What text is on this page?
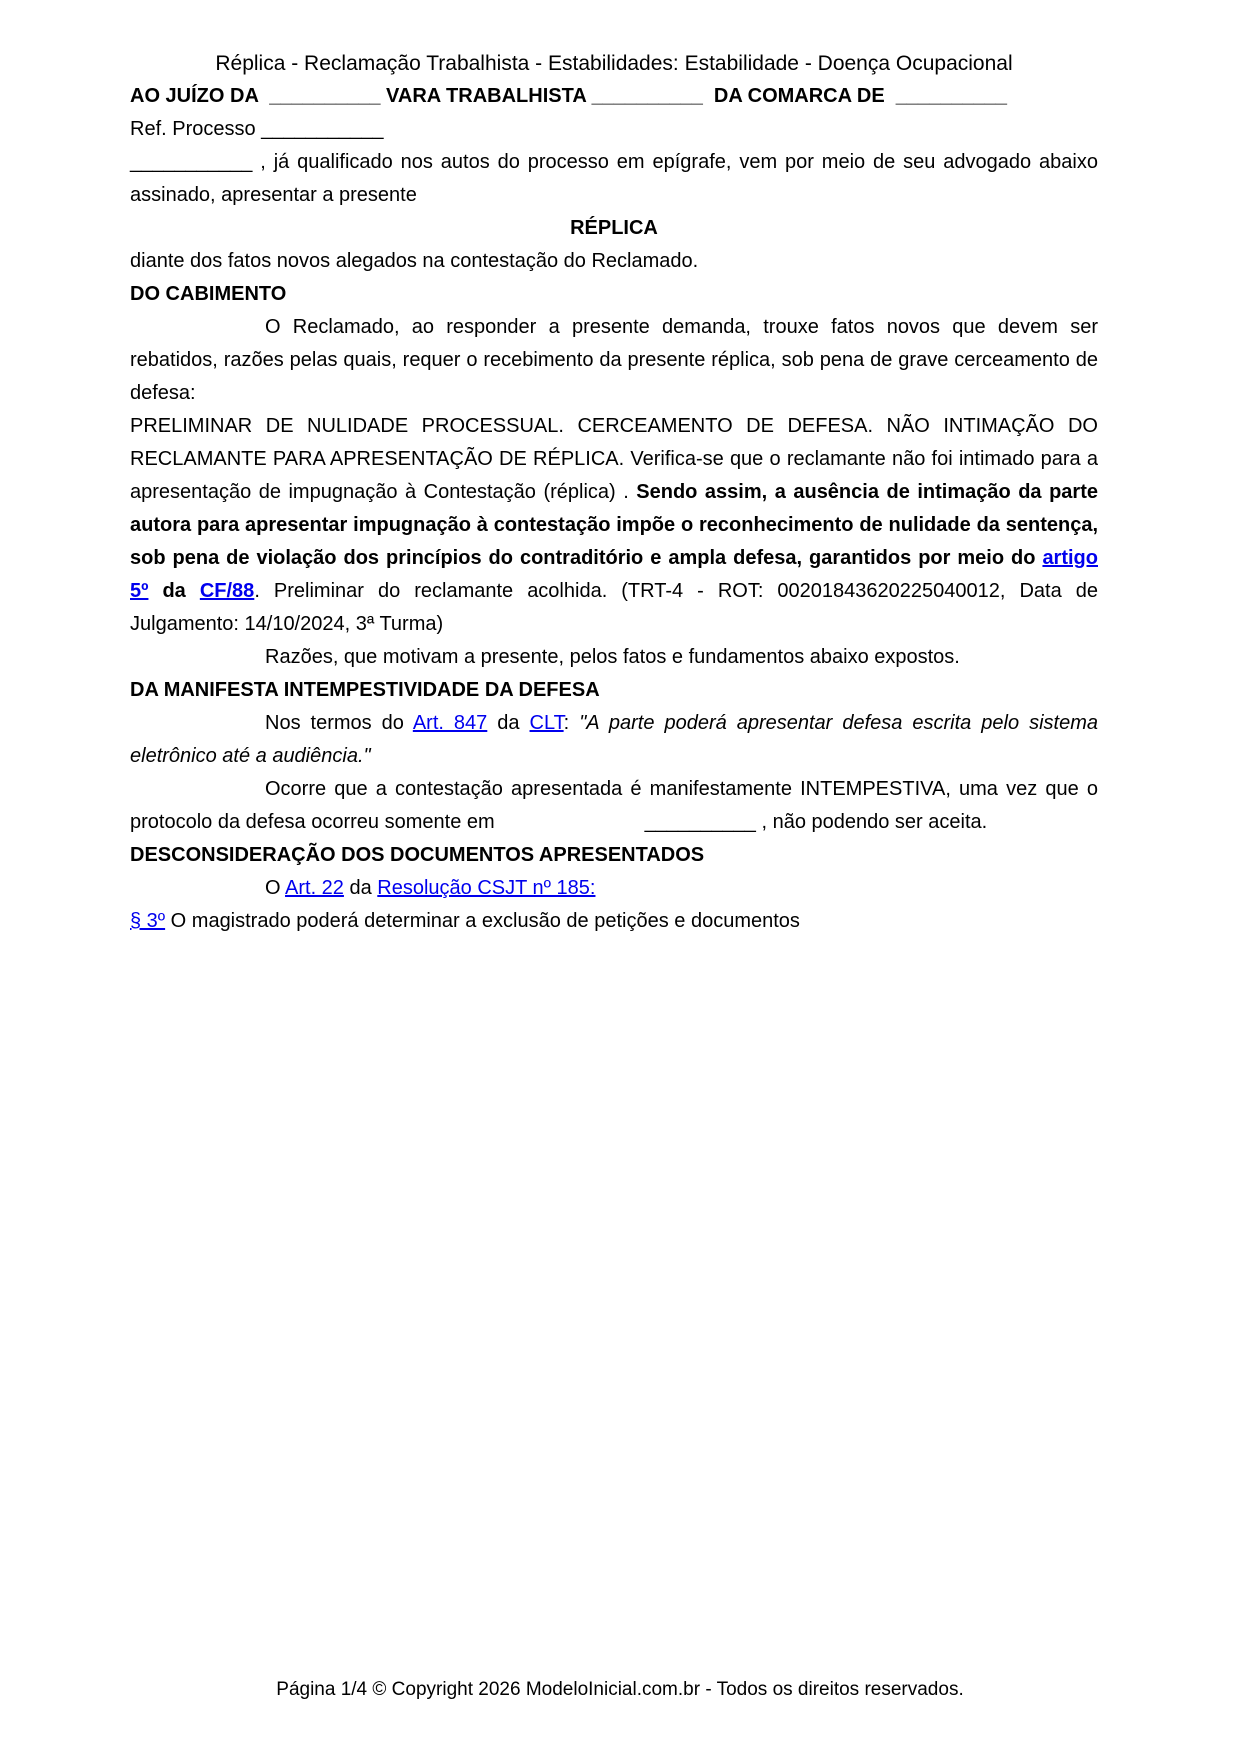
Réplica - Reclamação Trabalhista - Estabilidades: Estabilidade - Doença Ocupacional

AO JUÍZO DA  __________ VARA TRABALHISTA __________  DA COMARCA DE  __________

Ref. Processo ___________

___________ , já qualificado nos autos do processo em epígrafe, vem por meio de seu advogado abaixo assinado, apresentar a presente

RÉPLICA

diante dos fatos novos alegados na contestação do Reclamado.

DO CABIMENTO

O Reclamado, ao responder a presente demanda, trouxe fatos novos que devem ser rebatidos, razões pelas quais, requer o recebimento da presente réplica, sob pena de grave cerceamento de defesa:

PRELIMINAR DE NULIDADE PROCESSUAL. CERCEAMENTO DE DEFESA. NÃO INTIMAÇÃO DO RECLAMANTE PARA APRESENTAÇÃO DE RÉPLICA. Verifica-se que o reclamante não foi intimado para a apresentação de impugnação à Contestação (réplica) . Sendo assim, a ausência de intimação da parte autora para apresentar impugnação à contestação impõe o reconhecimento de nulidade da sentença, sob pena de violação dos princípios do contraditório e ampla defesa, garantidos por meio do artigo 5º da CF/88. Preliminar do reclamante acolhida. (TRT-4 - ROT: 00201843620225040012, Data de Julgamento: 14/10/2024, 3ª Turma)

Razões, que motivam a presente, pelos fatos e fundamentos abaixo expostos.

DA MANIFESTA INTEMPESTIVIDADE DA DEFESA

Nos termos do Art. 847 da CLT: "A parte poderá apresentar defesa escrita pelo sistema eletrônico até a audiência."

Ocorre que a contestação apresentada é manifestamente INTEMPESTIVA, uma vez que o protocolo da defesa ocorreu somente em	__________ , não podendo ser aceita.

DESCONSIDERAÇÃO DOS DOCUMENTOS APRESENTADOS

O Art. 22 da Resolução CSJT nº 185:

§ 3º O magistrado poderá determinar a exclusão de petições e documentos

Página 1/4 © Copyright 2026 ModeloInicial.com.br - Todos os direitos reservados.
